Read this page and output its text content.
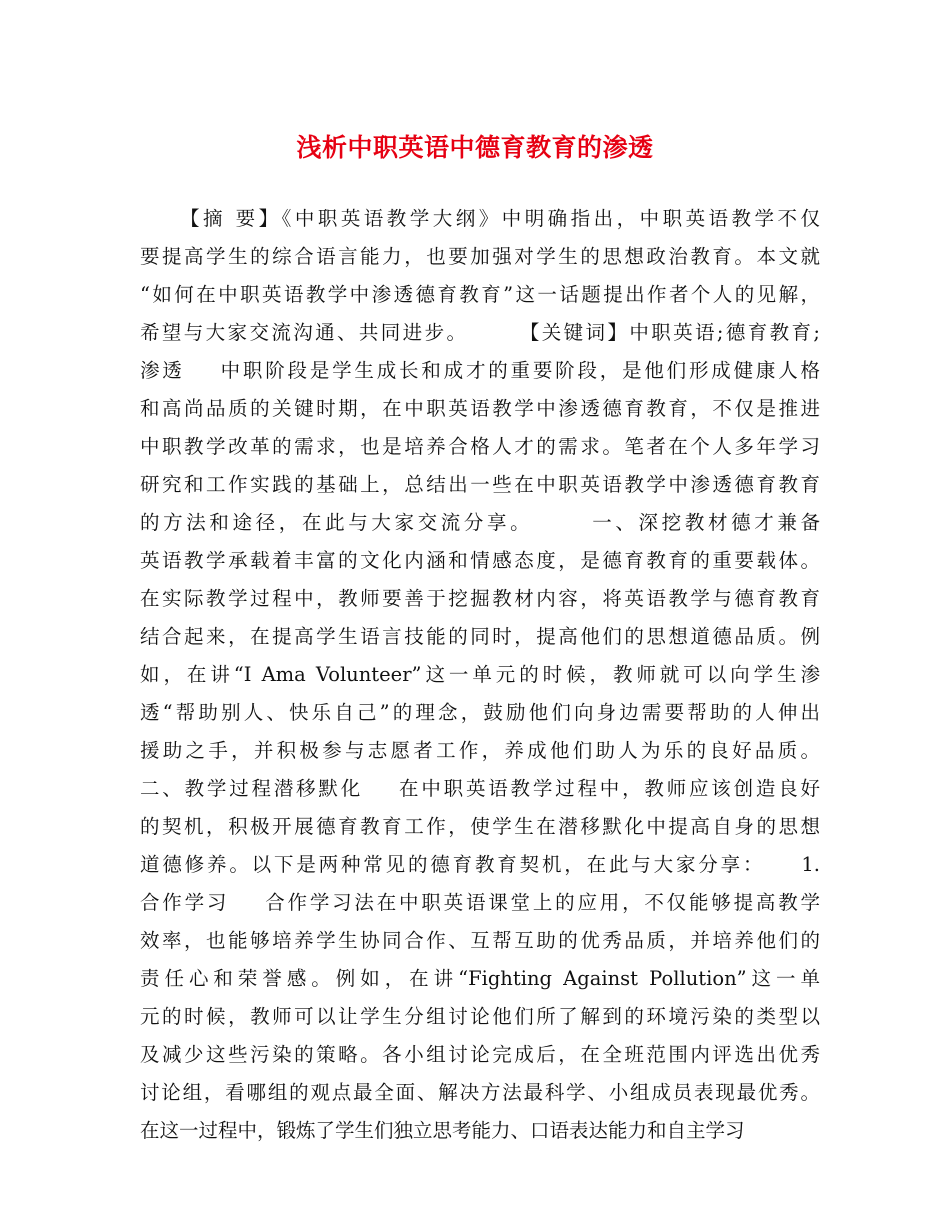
浅析中职英语中德育教育的渗透
【摘 要】《中职英语教学大纲》中明确指出，中职英语教学不仅
要提高学生的综合语言能力，也要加强对学生的思想政治教育。本文就
“如何在中职英语教学中渗透德育教育”这一话题提出作者个人的见解，
希望与大家交流沟通、共同进步。      【关键词】中职英语;德育教育;
渗透    中职阶段是学生成长和成才的重要阶段，是他们形成健康人格
和高尚品质的关键时期，在中职英语教学中渗透德育教育，不仅是推进
中职教学改革的需求，也是培养合格人才的需求。笔者在个人多年学习
研究和工作实践的基础上，总结出一些在中职英语教学中渗透德育教育
的方法和途径，在此与大家交流分享。      一、深挖教材德才兼备
英语教学承载着丰富的文化内涵和情感态度，是德育教育的重要载体。
在实际教学过程中，教师要善于挖掘教材内容，将英语教学与德育教育
结合起来，在提高学生语言技能的同时，提高他们的思想道德品质。例
如，在讲“I Ama Volunteer”这一单元的时候，教师就可以向学生渗
透“帮助别人、快乐自己”的理念，鼓励他们向身边需要帮助的人伸出
援助之手，并积极参与志愿者工作，养成他们助人为乐的良好品质。
二、教学过程潜移默化    在中职英语教学过程中，教师应该创造良好
的契机，积极开展德育教育工作，使学生在潜移默化中提高自身的思想
道德修养。以下是两种常见的德育教育契机，在此与大家分享：    1.
合作学习    合作学习法在中职英语课堂上的应用，不仅能够提高教学
效率，也能够培养学生协同合作、互帮互助的优秀品质，并培养他们的
责任心和荣誉感。例如，在讲“Fighting Against Pollution”这一单
元的时候，教师可以让学生分组讨论他们所了解到的环境污染的类型以
及减少这些污染的策略。各小组讨论完成后，在全班范围内评选出优秀
讨论组，看哪组的观点最全面、解决方法最科学、小组成员表现最优秀。
在这一过程中，锻炼了学生们独立思考能力、口语表达能力和自主学习
